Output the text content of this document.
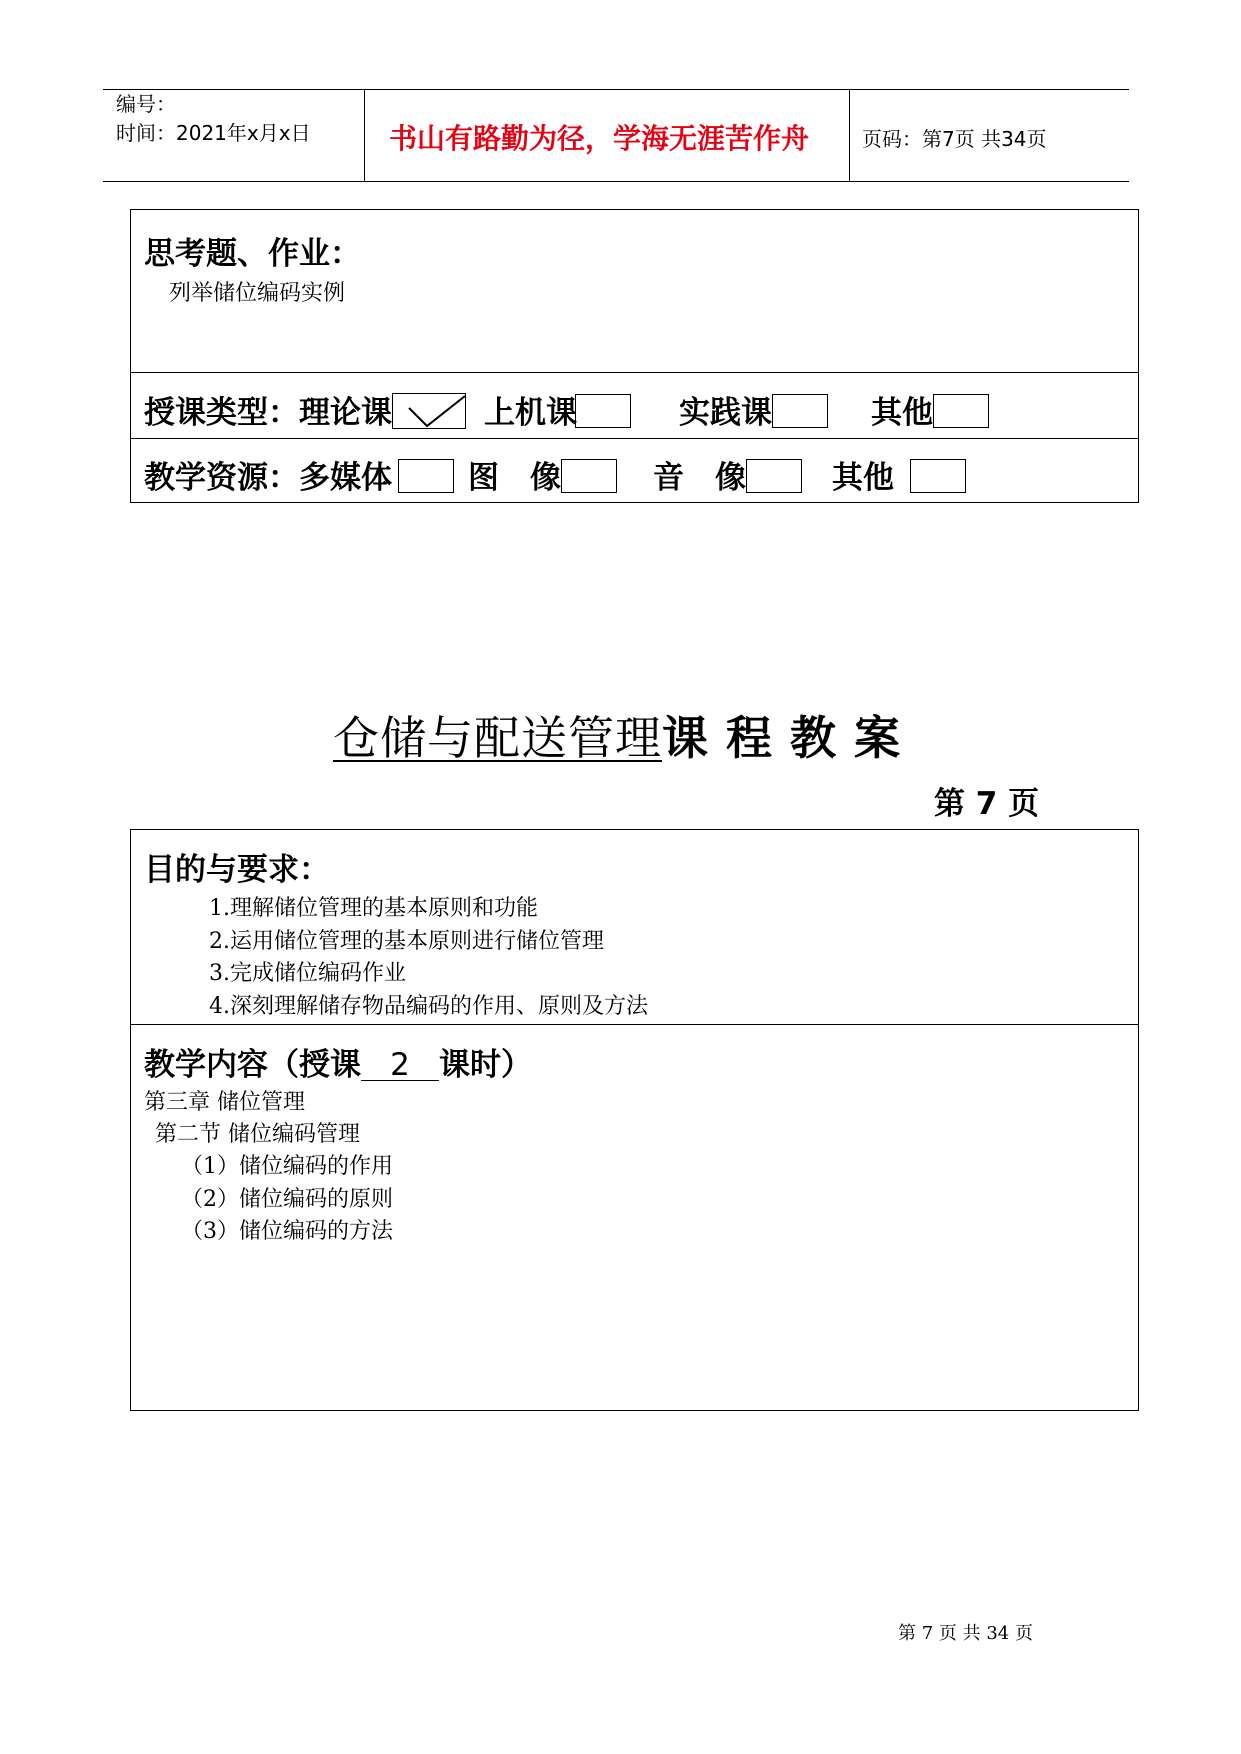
编号：
时间：2021年x月x日	书山有路勤为径，学海无涯苦作舟	页码：第7页 共34页
思考题、作业：
列举储位编码实例
授课类型：理论课	上机课	实践课	其他
教学资源：多媒体 图　像	音　像	其他
仓储与配送管理课程教案
第 7 页
目的与要求：
1.理解储位管理的基本原则和功能
2.运用储位管理的基本原则进行储位管理
3.完成储位编码作业
4.深刻理解储存物品编码的作用、原则及方法
教学内容（授课 2 课时）
第三章 储位管理
第二节 储位编码管理
（1）储位编码的作用
（2）储位编码的原则
（3）储位编码的方法
第 7 页 共 34 页
